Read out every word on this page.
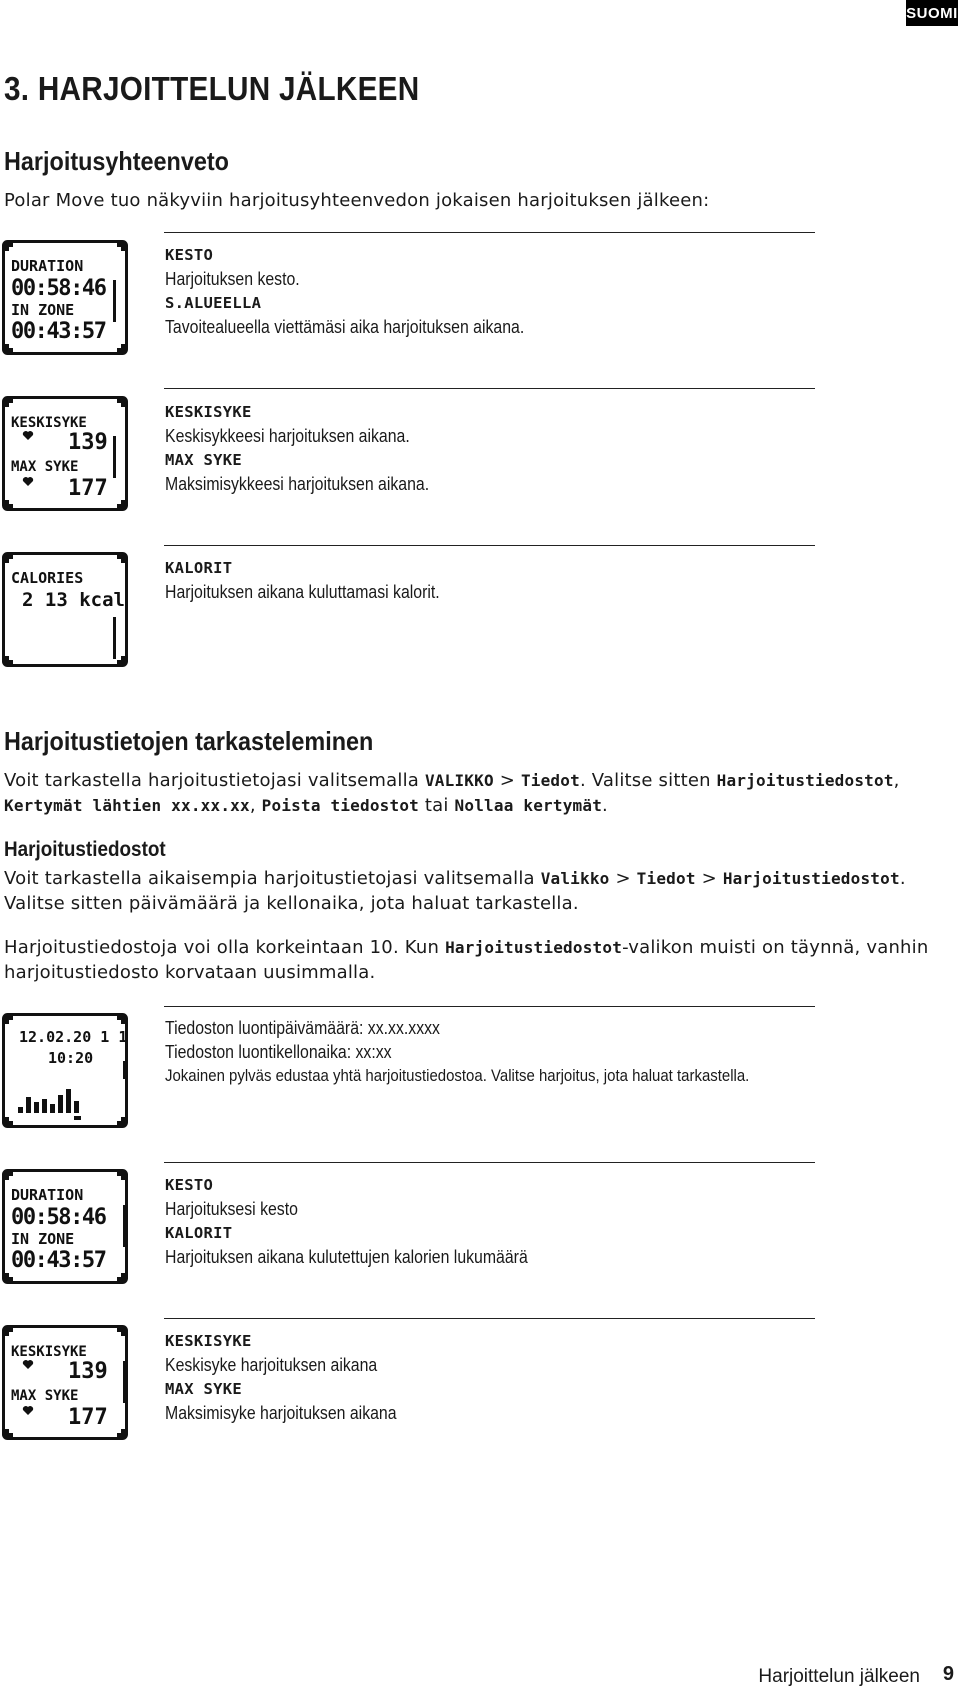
SUOMI
3. HARJOITTELUN JÄLKEEN
Harjoitusyhteenveto
Polar Move tuo näkyviin harjoitusyhteenvedon jokaisen harjoituksen jälkeen:
DURATION
00:58:46
IN ZONE
00:43:57
KESTO
Harjoituksen kesto.
S.ALUEELLA
Tavoitealueella viettämäsi aika harjoituksen aikana.
KESKISYKE
139
MAX SYKE
177
KESKISYKE
Keskisykkeesi harjoituksen aikana.
MAX SYKE
Maksimisykkeesi harjoituksen aikana.
CALORIES
2 13 kcal
KALORIT
Harjoituksen aikana kuluttamasi kalorit.
Harjoitustietojen tarkasteleminen
Voit tarkastella harjoitustietojasi valitsemalla VALIKKO > Tiedot. Valitse sitten Harjoitustiedostot, Kertymät lähtien xx.xx.xx, Poista tiedostot tai Nollaa kertymät.
Harjoitustiedostot
Voit tarkastella aikaisempia harjoitustietojasi valitsemalla Valikko > Tiedot > Harjoitustiedostot. Valitse sitten päivämäärä ja kellonaika, jota haluat tarkastella.
Harjoitustiedostoja voi olla korkeintaan 10. Kun Harjoitustiedostot-valikon muisti on täynnä, vanhin harjoitustiedosto korvataan uusimmalla.
12.02.20 1 1
10:20
Tiedoston luontipäivämäärä: xx.xx.xxxx
Tiedoston luontikellonaika: xx:xx
Jokainen pylväs edustaa yhtä harjoitustiedostoa. Valitse harjoitus, jota haluat tarkastella.
DURATION
00:58:46
IN ZONE
00:43:57
KESTO
Harjoituksesi kesto
KALORIT
Harjoituksen aikana kulutettujen kalorien lukumäärä
KESKISYKE
139
MAX SYKE
177
KESKISYKE
Keskisyke harjoituksen aikana
MAX SYKE
Maksimisyke harjoituksen aikana
Harjoittelun jälkeen 9
